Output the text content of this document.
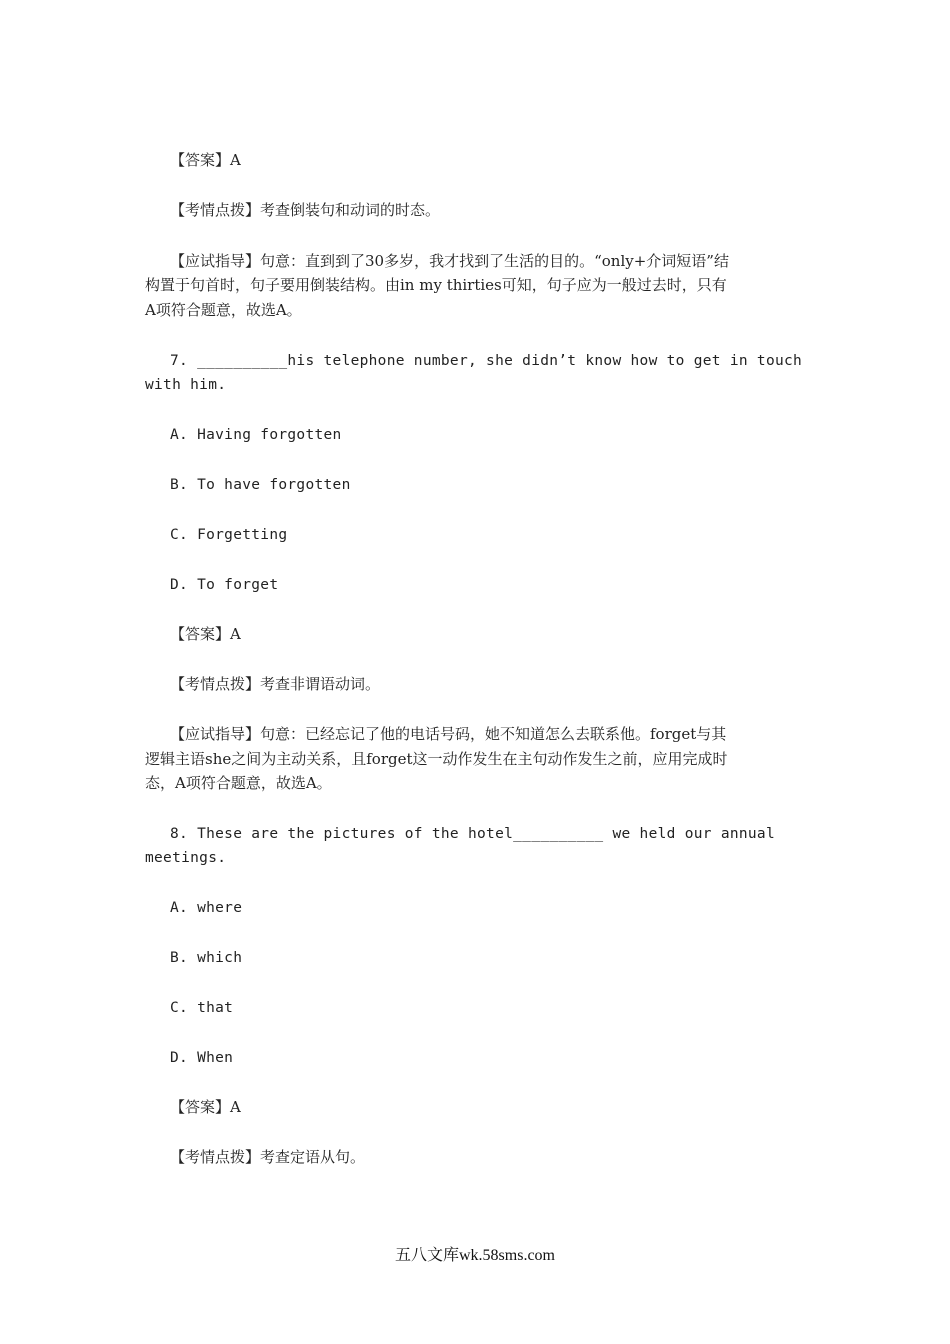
【答案】A
【考情点拨】考查倒装句和动词的时态。
【应试指导】句意：直到到了30多岁，我才找到了生活的目的。“only+介词短语”结
构置于句首时，句子要用倒装结构。由in my thirties可知，句子应为一般过去时，只有
A项符合题意，故选A。
7. __________his telephone number, she didn’t know how to get in touch
with him.
A. Having forgotten
B. To have forgotten
C. Forgetting
D. To forget
【答案】A
【考情点拨】考查非谓语动词。
【应试指导】句意：已经忘记了他的电话号码，她不知道怎么去联系他。forget与其
逻辑主语she之间为主动关系，且forget这一动作发生在主句动作发生之前，应用完成时
态，A项符合题意，故选A。
8. These are the pictures of the hotel__________ we held our annual
meetings.
A. where
B. which
C. that
D. When
【答案】A
【考情点拨】考查定语从句。
五八文库wk.58sms.com
